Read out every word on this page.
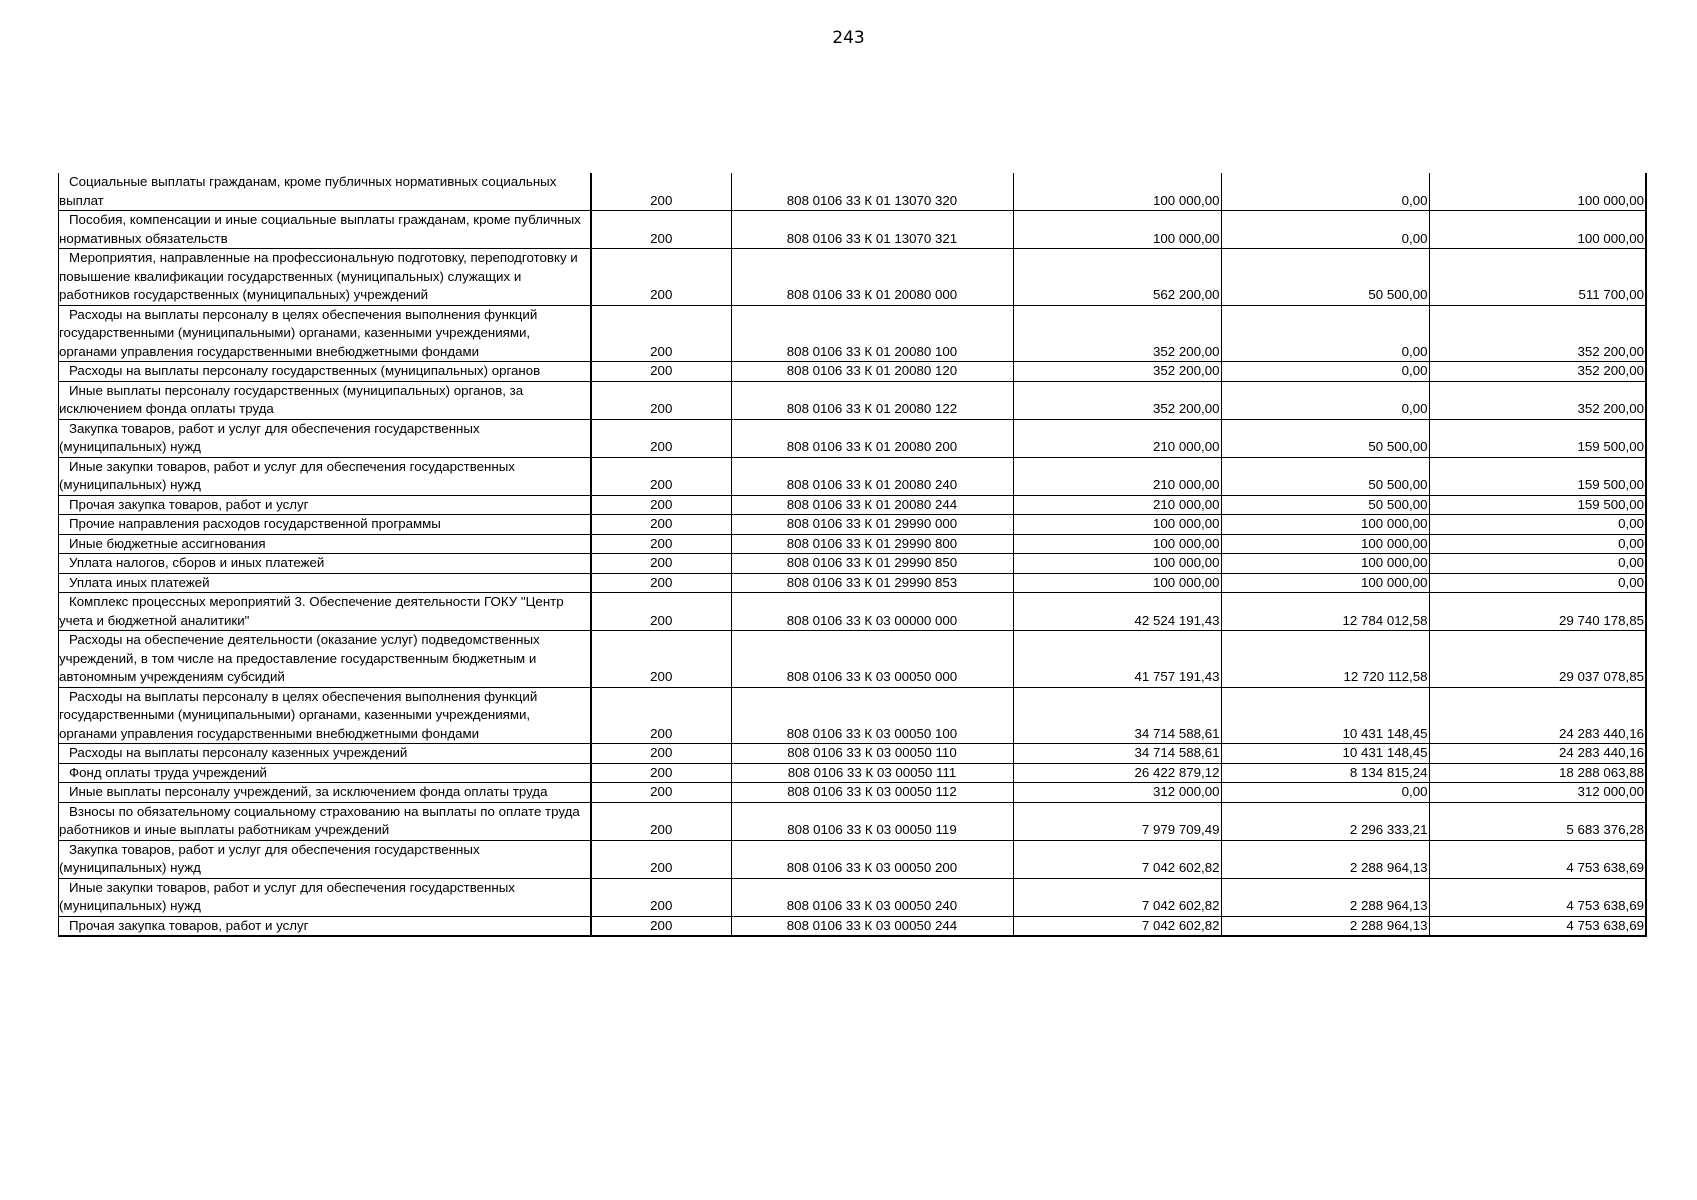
243
Социальные выплаты гражданам, кроме публичных нормативных социальных выплат	200	808 0106 33 К 01 13070 320	100 000,00	0,00	100 000,00

Пособия, компенсации и иные социальные выплаты гражданам, кроме публичных нормативных обязательств	200	808 0106 33 К 01 13070 321	100 000,00	0,00	100 000,00

Мероприятия, направленные на профессиональную подготовку, переподготовку и повышение квалификации государственных (муниципальных) служащих и работников государственных (муниципальных) учреждений	200	808 0106 33 К 01 20080 000	562 200,00	50 500,00	511 700,00

Расходы на выплаты персоналу в целях обеспечения выполнения функций государственными (муниципальными) органами, казенными учреждениями, органами управления государственными внебюджетными фондами	200	808 0106 33 К 01 20080 100	352 200,00	0,00	352 200,00

Расходы на выплаты персоналу государственных (муниципальных) органов	200	808 0106 33 К 01 20080 120	352 200,00	0,00	352 200,00

Иные выплаты персоналу государственных (муниципальных) органов, за исключением фонда оплаты труда	200	808 0106 33 К 01 20080 122	352 200,00	0,00	352 200,00

Закупка товаров, работ и услуг для обеспечения государственных (муниципальных) нужд	200	808 0106 33 К 01 20080 200	210 000,00	50 500,00	159 500,00

Иные закупки товаров, работ и услуг для обеспечения государственных (муниципальных) нужд	200	808 0106 33 К 01 20080 240	210 000,00	50 500,00	159 500,00

Прочая закупка товаров, работ и услуг	200	808 0106 33 К 01 20080 244	210 000,00	50 500,00	159 500,00

Прочие направления расходов государственной программы	200	808 0106 33 К 01 29990 000	100 000,00	100 000,00	0,00

Иные бюджетные ассигнования	200	808 0106 33 К 01 29990 800	100 000,00	100 000,00	0,00

Уплата налогов, сборов и иных платежей	200	808 0106 33 К 01 29990 850	100 000,00	100 000,00	0,00

Уплата иных платежей	200	808 0106 33 К 01 29990 853	100 000,00	100 000,00	0,00

Комплекс процессных мероприятий 3. Обеспечение деятельности ГОКУ "Центр учета и бюджетной аналитики"	200	808 0106 33 К 03 00000 000	42 524 191,43	12 784 012,58	29 740 178,85

Расходы на обеспечение деятельности (оказание услуг) подведомственных учреждений, в том числе на предоставление государственным бюджетным и автономным учреждениям субсидий	200	808 0106 33 К 03 00050 000	41 757 191,43	12 720 112,58	29 037 078,85

Расходы на выплаты персоналу в целях обеспечения выполнения функций государственными (муниципальными) органами, казенными учреждениями, органами управления государственными внебюджетными фондами	200	808 0106 33 К 03 00050 100	34 714 588,61	10 431 148,45	24 283 440,16

Расходы на выплаты персоналу казенных учреждений	200	808 0106 33 К 03 00050 110	34 714 588,61	10 431 148,45	24 283 440,16

Фонд оплаты труда учреждений	200	808 0106 33 К 03 00050 111	26 422 879,12	8 134 815,24	18 288 063,88

Иные выплаты персоналу учреждений, за исключением фонда оплаты труда	200	808 0106 33 К 03 00050 112	312 000,00	0,00	312 000,00

Взносы по обязательному социальному страхованию на выплаты по оплате труда работников и иные выплаты работникам учреждений	200	808 0106 33 К 03 00050 119	7 979 709,49	2 296 333,21	5 683 376,28

Закупка товаров, работ и услуг для обеспечения государственных (муниципальных) нужд	200	808 0106 33 К 03 00050 200	7 042 602,82	2 288 964,13	4 753 638,69

Иные закупки товаров, работ и услуг для обеспечения государственных (муниципальных) нужд	200	808 0106 33 К 03 00050 240	7 042 602,82	2 288 964,13	4 753 638,69

Прочая закупка товаров, работ и услуг	200	808 0106 33 К 03 00050 244	7 042 602,82	2 288 964,13	4 753 638,69
